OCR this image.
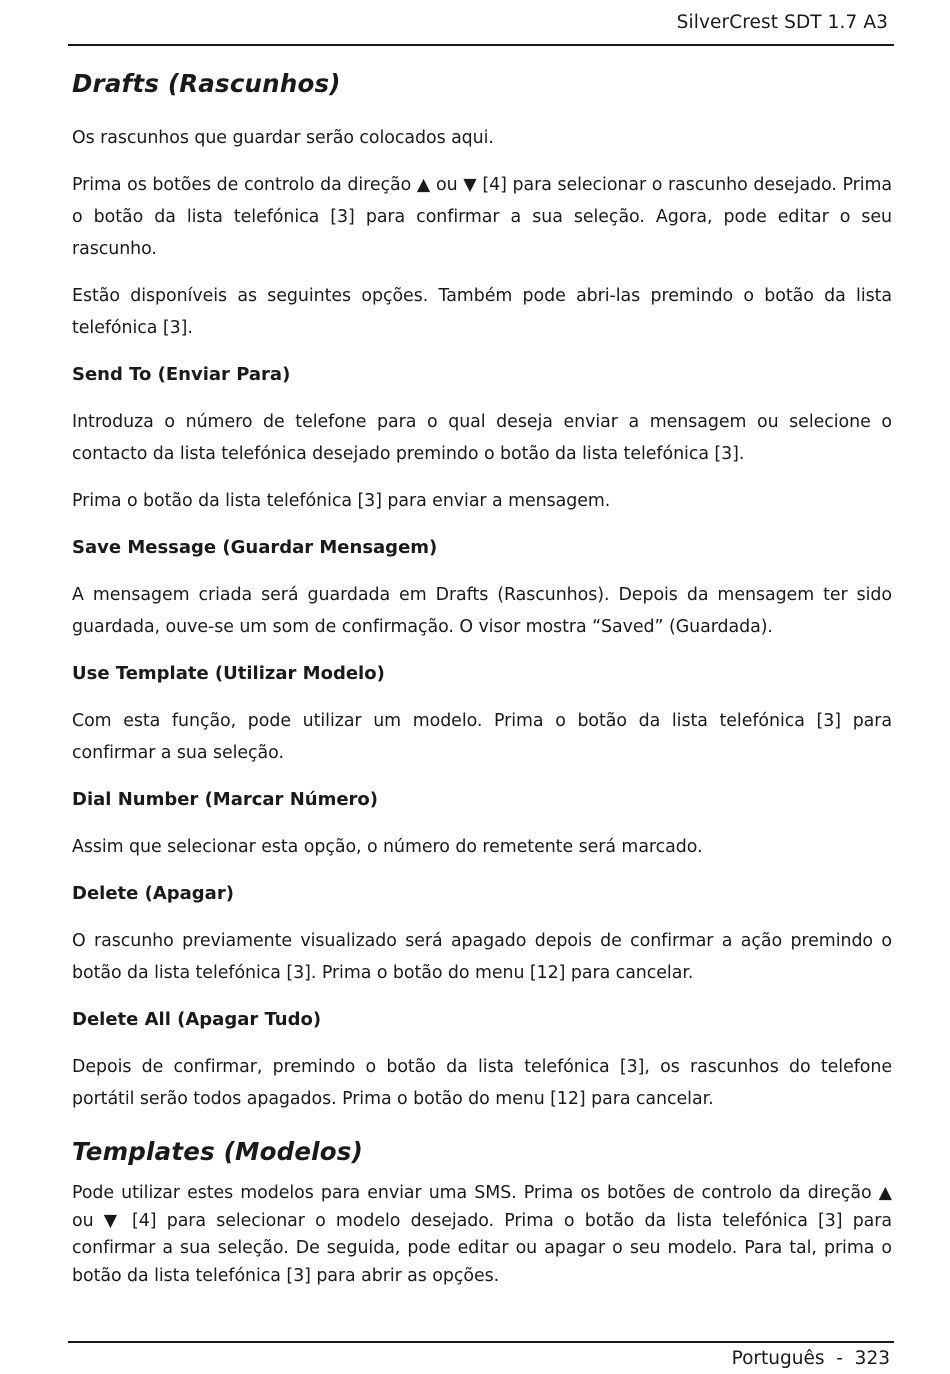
SilverCrest SDT 1.7 A3
Drafts (Rascunhos)

Os rascunhos que guardar serão colocados aqui.

Prima os botões de controlo da direção ▲ ou ▼ [4] para selecionar o rascunho desejado. Prima o botão da lista telefónica [3] para confirmar a sua seleção. Agora, pode editar o seu rascunho.

Estão disponíveis as seguintes opções. Também pode abri-las premindo o botão da lista telefónica [3].

Send To (Enviar Para)

Introduza o número de telefone para o qual deseja enviar a mensagem ou selecione o contacto da lista telefónica desejado premindo o botão da lista telefónica [3].

Prima o botão da lista telefónica [3] para enviar a mensagem.

Save Message (Guardar Mensagem)

A mensagem criada será guardada em Drafts (Rascunhos). Depois da mensagem ter sido guardada, ouve-se um som de confirmação. O visor mostra “Saved” (Guardada).

Use Template (Utilizar Modelo)

Com esta função, pode utilizar um modelo. Prima o botão da lista telefónica [3] para confirmar a sua seleção.

Dial Number (Marcar Número)

Assim que selecionar esta opção, o número do remetente será marcado.

Delete (Apagar)

O rascunho previamente visualizado será apagado depois de confirmar a ação premindo o botão da lista telefónica [3]. Prima o botão do menu [12] para cancelar.

Delete All (Apagar Tudo)

Depois de confirmar, premindo o botão da lista telefónica [3], os rascunhos do telefone portátil serão todos apagados. Prima o botão do menu [12] para cancelar.

Templates (Modelos)

Pode utilizar estes modelos para enviar uma SMS. Prima os botões de controlo da direção ▲ ou ▼ [4] para selecionar o modelo desejado. Prima o botão da lista telefónica [3] para confirmar a sua seleção. De seguida, pode editar ou apagar o seu modelo. Para tal, prima o botão da lista telefónica [3] para abrir as opções.

Português  -  323
